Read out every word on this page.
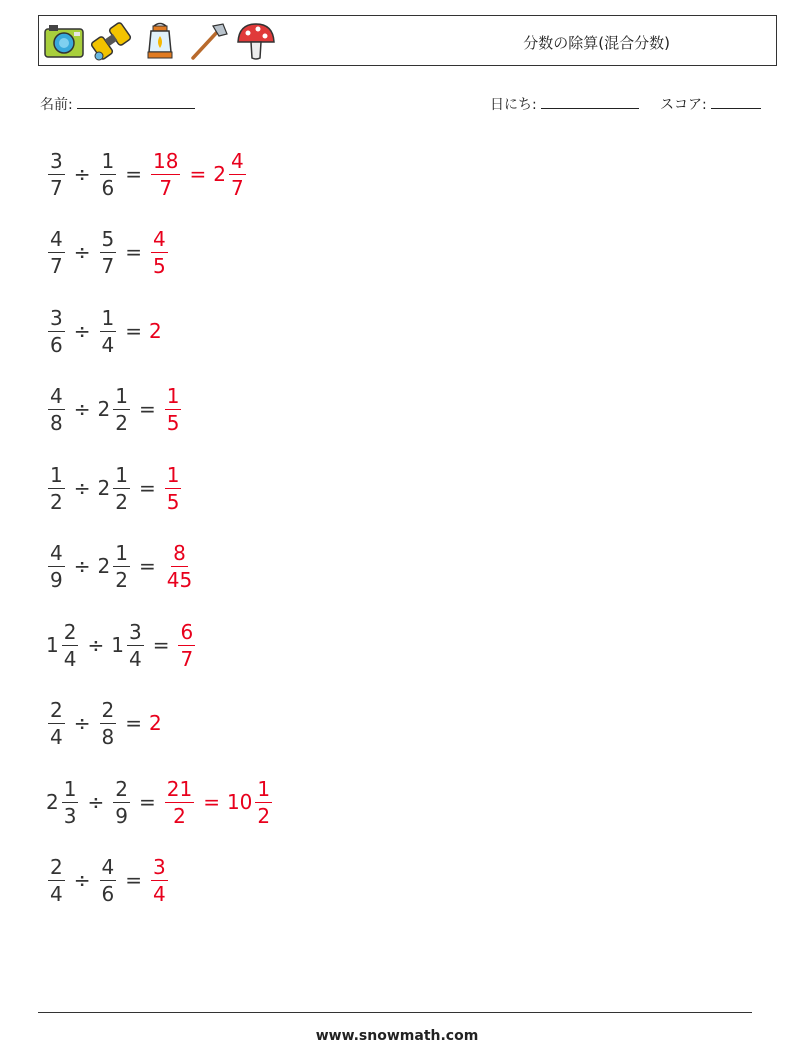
分数の除算(混合分数)
名前:	日にち:	スコア:
$\frac{3}{7} \div \frac{1}{6} = \frac{18}{7} = 2 \frac{4}{7}$
$\frac{4}{7} \div \frac{5}{7} = \frac{4}{5}$
$\frac{3}{6} \div \frac{1}{4} = 2$
$\frac{4}{8} \div 2 \frac{1}{2} = \frac{1}{5}$
$\frac{1}{2} \div 2 \frac{1}{2} = \frac{1}{5}$
$\frac{4}{9} \div 2 \frac{1}{2} = \frac{8}{45}$
$1 \frac{2}{4} \div 1 \frac{3}{4} = \frac{6}{7}$
$\frac{2}{4} \div \frac{2}{8} = 2$
$2 \frac{1}{3} \div \frac{2}{9} = \frac{21}{2} = 10 \frac{1}{2}$
$\frac{2}{4} \div \frac{4}{6} = \frac{3}{4}$
www.snowmath.com
